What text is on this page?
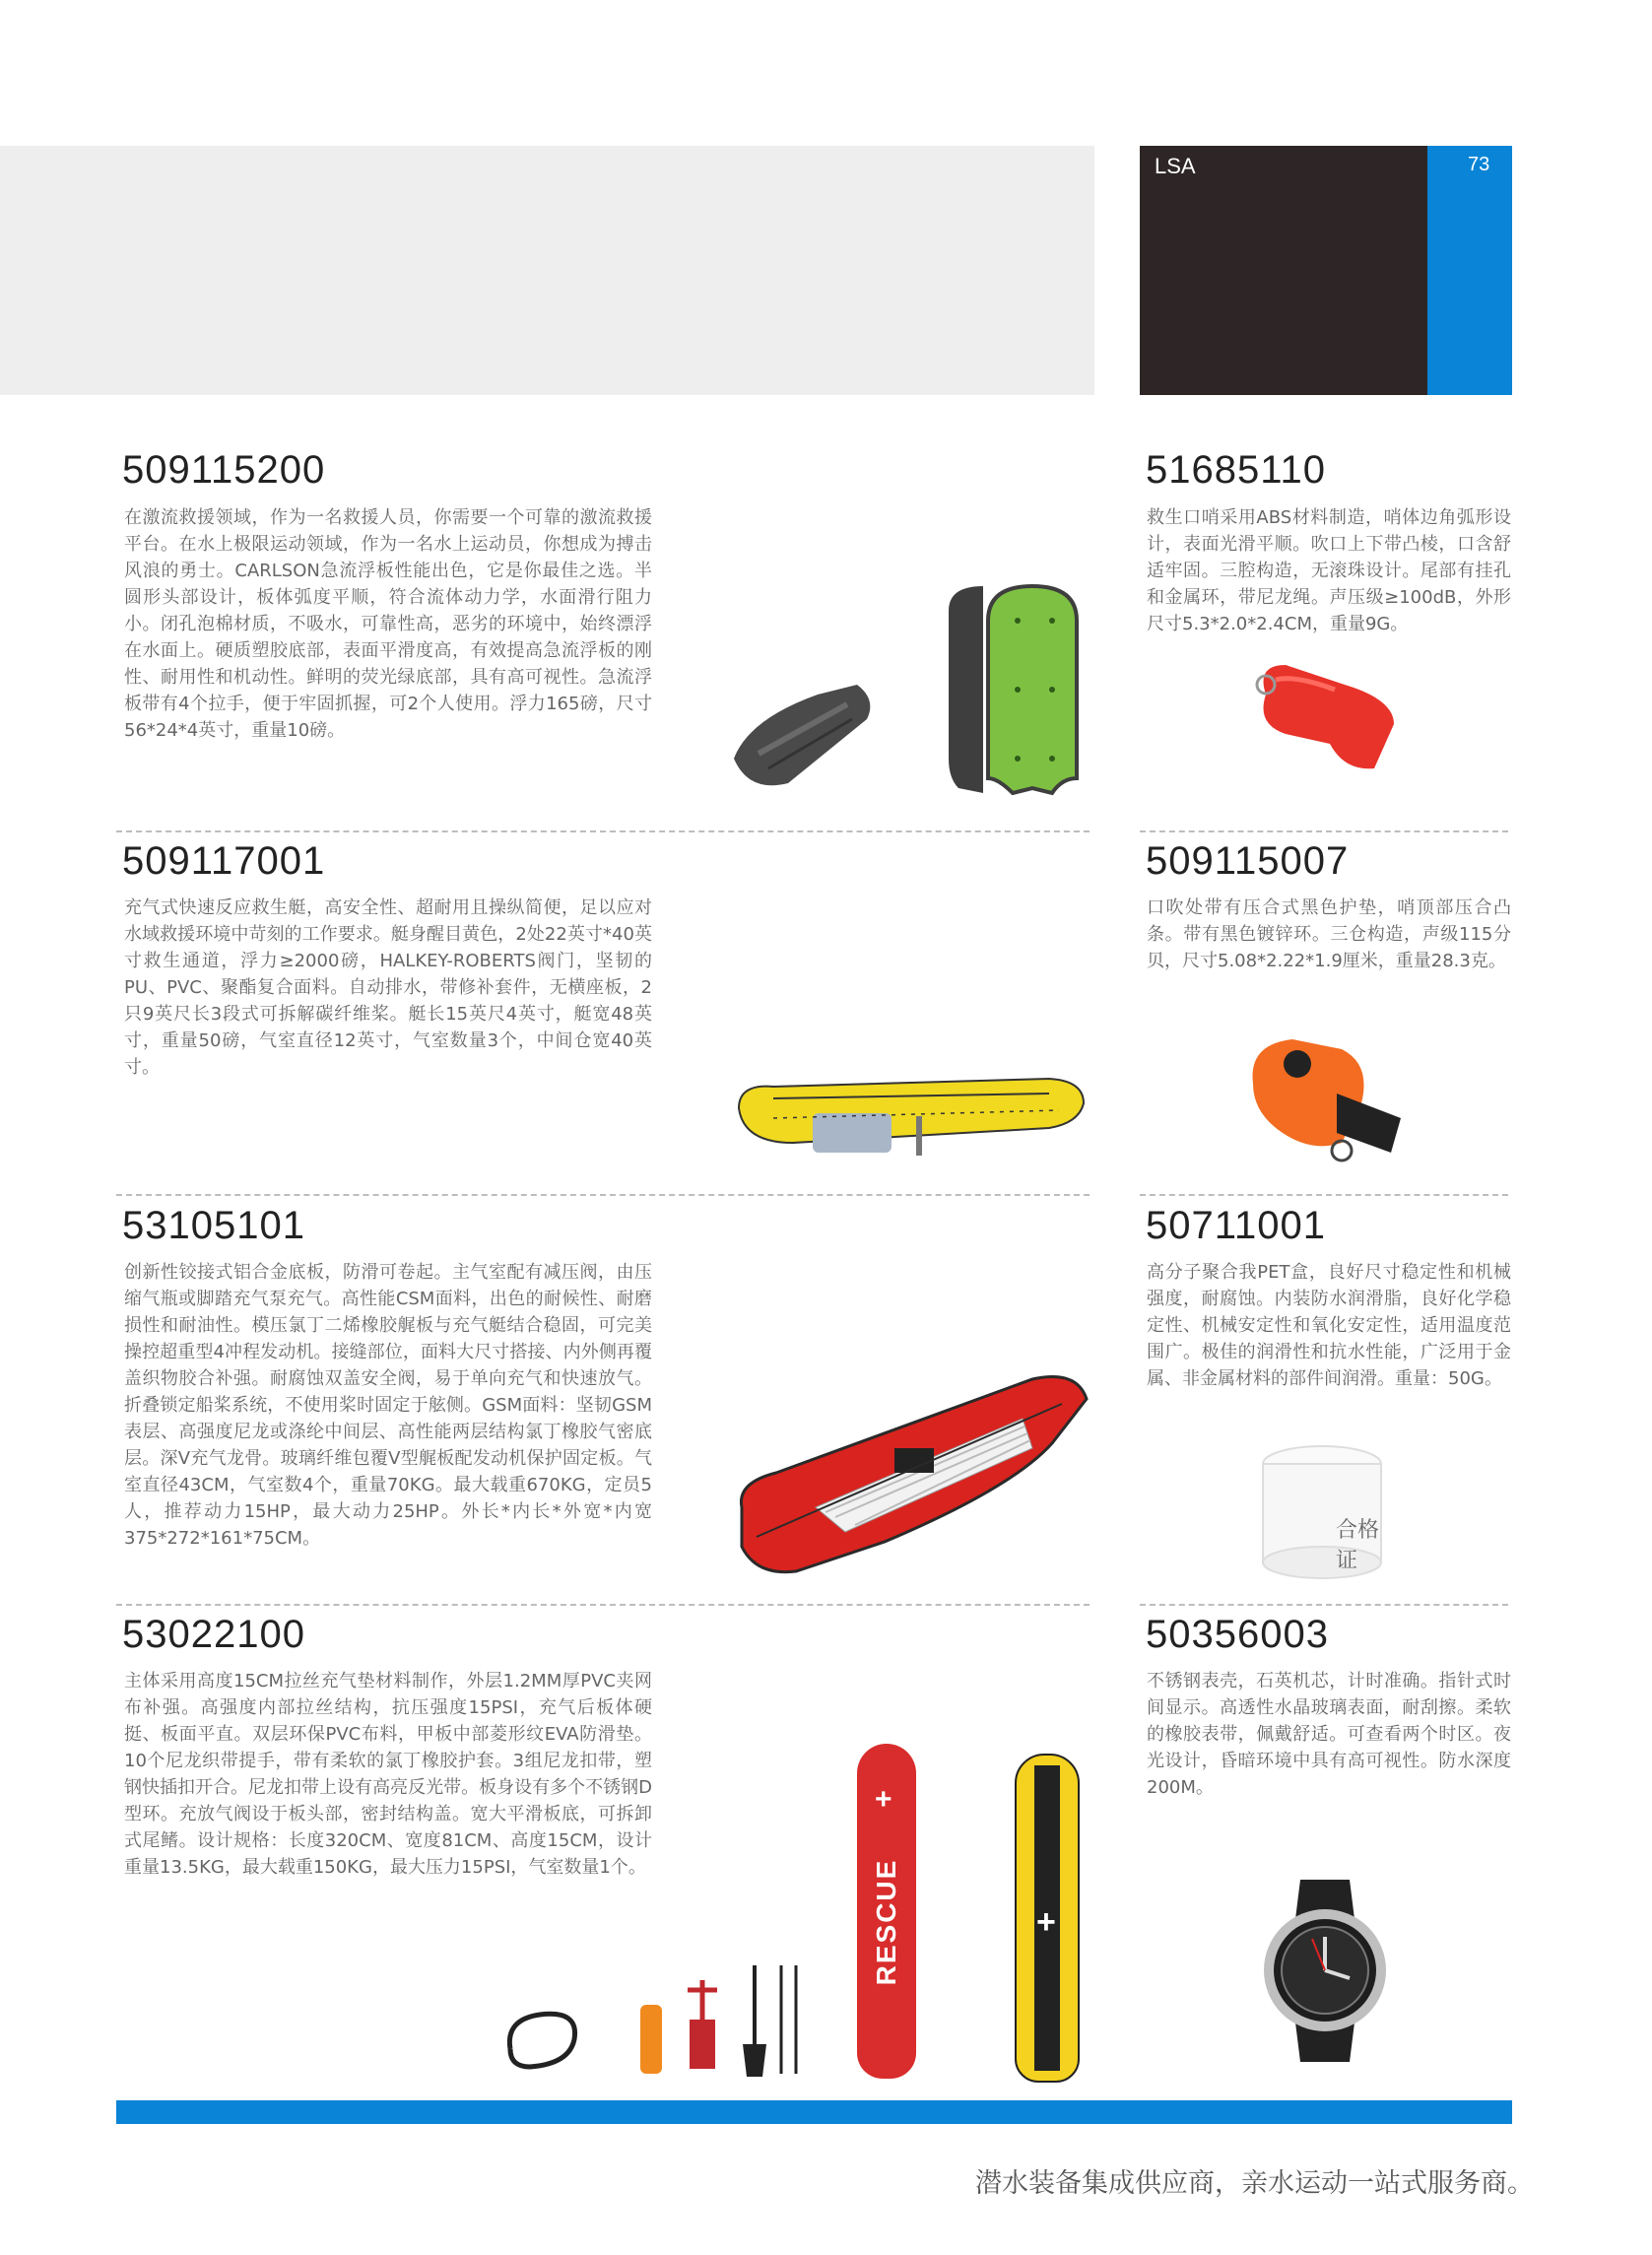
LSA	73
509115200
在激流救援领域，作为一名救援人员，你需要一个可靠的激流救援平台。在水上极限运动领域，作为一名水上运动员，你想成为搏击风浪的勇士。CARLSON急流浮板性能出色，它是你最佳之选。半圆形头部设计，板体弧度平顺，符合流体动力学，水面滑行阻力小。闭孔泡棉材质，不吸水，可靠性高，恶劣的环境中，始终漂浮在水面上。硬质塑胶底部，表面平滑度高，有效提高急流浮板的刚性、耐用性和机动性。鲜明的荧光绿底部，具有高可视性。急流浮板带有4个拉手，便于牢固抓握，可2个人使用。浮力165磅，尺寸56*24*4英寸，重量10磅。
51685110
救生口哨采用ABS材料制造，哨体边角弧形设计，表面光滑平顺。吹口上下带凸棱，口含舒适牢固。三腔构造，无滚珠设计。尾部有挂孔和金属环，带尼龙绳。声压级≥100dB，外形尺寸5.3*2.0*2.4CM，重量9G。
509117001
充气式快速反应救生艇，高安全性、超耐用且操纵简便，足以应对水域救援环境中苛刻的工作要求。艇身醒目黄色，2处22英寸*40英寸救生通道，浮力≥2000磅，HALKEY-ROBERTS阀门，坚韧的PU、PVC、聚酯复合面料。自动排水，带修补套件，无横座板，2只9英尺长3段式可拆解碳纤维桨。艇长15英尺4英寸，艇宽48英寸，重量50磅，气室直径12英寸，气室数量3个，中间仓宽40英寸。
509115007
口吹处带有压合式黑色护垫，哨顶部压合凸条。带有黑色镀锌环。三仓构造，声级115分贝，尺寸5.08*2.22*1.9厘米，重量28.3克。
53105101
创新性铰接式铝合金底板，防滑可卷起。主气室配有减压阀，由压缩气瓶或脚踏充气泵充气。高性能CSM面料，出色的耐候性、耐磨损性和耐油性。模压氯丁二烯橡胶艉板与充气艇结合稳固，可完美操控超重型4冲程发动机。接缝部位，面料大尺寸搭接、内外侧再覆盖织物胶合补强。耐腐蚀双盖安全阀，易于单向充气和快速放气。折叠锁定船桨系统，不使用桨时固定于舷侧。GSM面料：坚韧GSM表层、高强度尼龙或涤纶中间层、高性能两层结构氯丁橡胶气密底层。深V充气龙骨。玻璃纤维包覆V型艉板配发动机保护固定板。气室直径43CM，气室数4个，重量70KG。最大载重670KG，定员5人，推荐动力15HP，最大动力25HP。外长*内长*外宽*内宽375*272*161*75CM。
50711001
高分子聚合我PET盒，良好尺寸稳定性和机械强度，耐腐蚀。内装防水润滑脂，良好化学稳定性、机械安定性和氧化安定性，适用温度范围广。极佳的润滑性和抗水性能，广泛用于金属、非金属材料的部件间润滑。重量：50G。
合格证
53022100
主体采用高度15CM拉丝充气垫材料制作，外层1.2MM厚PVC夹网布补强。高强度内部拉丝结构，抗压强度15PSI，充气后板体硬挺、板面平直。双层环保PVC布料，甲板中部菱形纹EVA防滑垫。10个尼龙织带提手，带有柔软的氯丁橡胶护套。3组尼龙扣带，塑钢快插扣开合。尼龙扣带上设有高亮反光带。板身设有多个不锈钢D型环。充放气阀设于板头部，密封结构盖。宽大平滑板底，可拆卸式尾鳍。设计规格：长度320CM、宽度81CM、高度15CM，设计重量13.5KG，最大载重150KG，最大压力15PSI，气室数量1个。
50356003
不锈钢表壳，石英机芯，计时准确。指针式时间显示。高透性水晶玻璃表面，耐刮擦。柔软的橡胶表带，佩戴舒适。可查看两个时区。夜光设计，昏暗环境中具有高可视性。防水深度200M。
+
RESCUE	+
潜水装备集成供应商，亲水运动一站式服务商。
